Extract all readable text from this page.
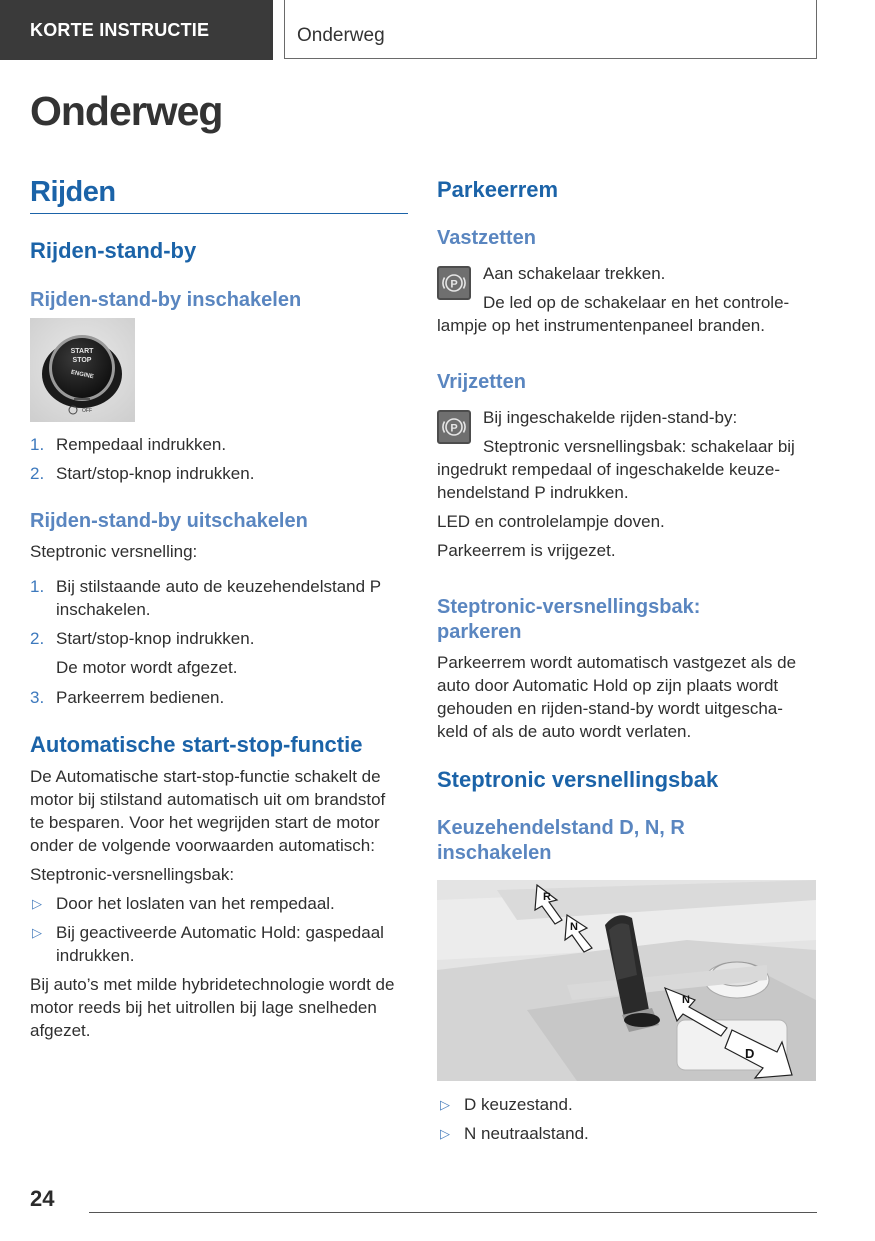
KORTE INSTRUCTIE	Onderweg
Onderweg
Rijden
Rijden-stand-by
Rijden-stand-by inschakelen
START
STOP
ENGINE
OFF
1. Rempedaal indrukken.

2. Start/stop-knop indrukken.

Rijden-stand-by uitschakelen

Steptronic versnelling:

1. Bij stilstaande auto de keuzehendelstand P

inschakelen.

2. Start/stop-knop indrukken.

De motor wordt afgezet.

3. Parkeerrem bedienen.

Automatische start-stop-functie

De Automatische start-stop-functie schakelt de

motor bij stilstand automatisch uit om brandstof

te besparen. Voor het wegrijden start de motor

onder de volgende voorwaarden automatisch:

Steptronic-versnellingsbak:

▷ Door het loslaten van het rempedaal.

▷ Bij geactiveerde Automatic Hold: gaspedaal

indrukken.

Bij auto’s met milde hybridetechnologie wordt de

motor reeds bij het uitrollen bij lage snelheden

afgezet.

Parkeerrem
Vastzetten
P

Aan schakelaar trekken.

De led op de schakelaar en het controle-

lampje op het instrumentenpaneel branden.

Vrijzetten
P

Bij ingeschakelde rijden-stand-by:

Steptronic versnellingsbak: schakelaar bij

ingedrukt rempedaal of ingeschakelde keuze-

hendelstand P indrukken.

LED en controlelampje doven.

Parkeerrem is vrijgezet.

Steptronic-versnellingsbak:
parkeren

Parkeerrem wordt automatisch vastgezet als de

auto door Automatic Hold op zijn plaats wordt

gehouden en rijden-stand-by wordt uitgescha-

keld of als de auto wordt verlaten.

Steptronic versnellingsbak
Keuzehendelstand D, N, R
inschakelen
R
N
N
D
▷ D keuzestand.

▷ N neutraalstand.

24
